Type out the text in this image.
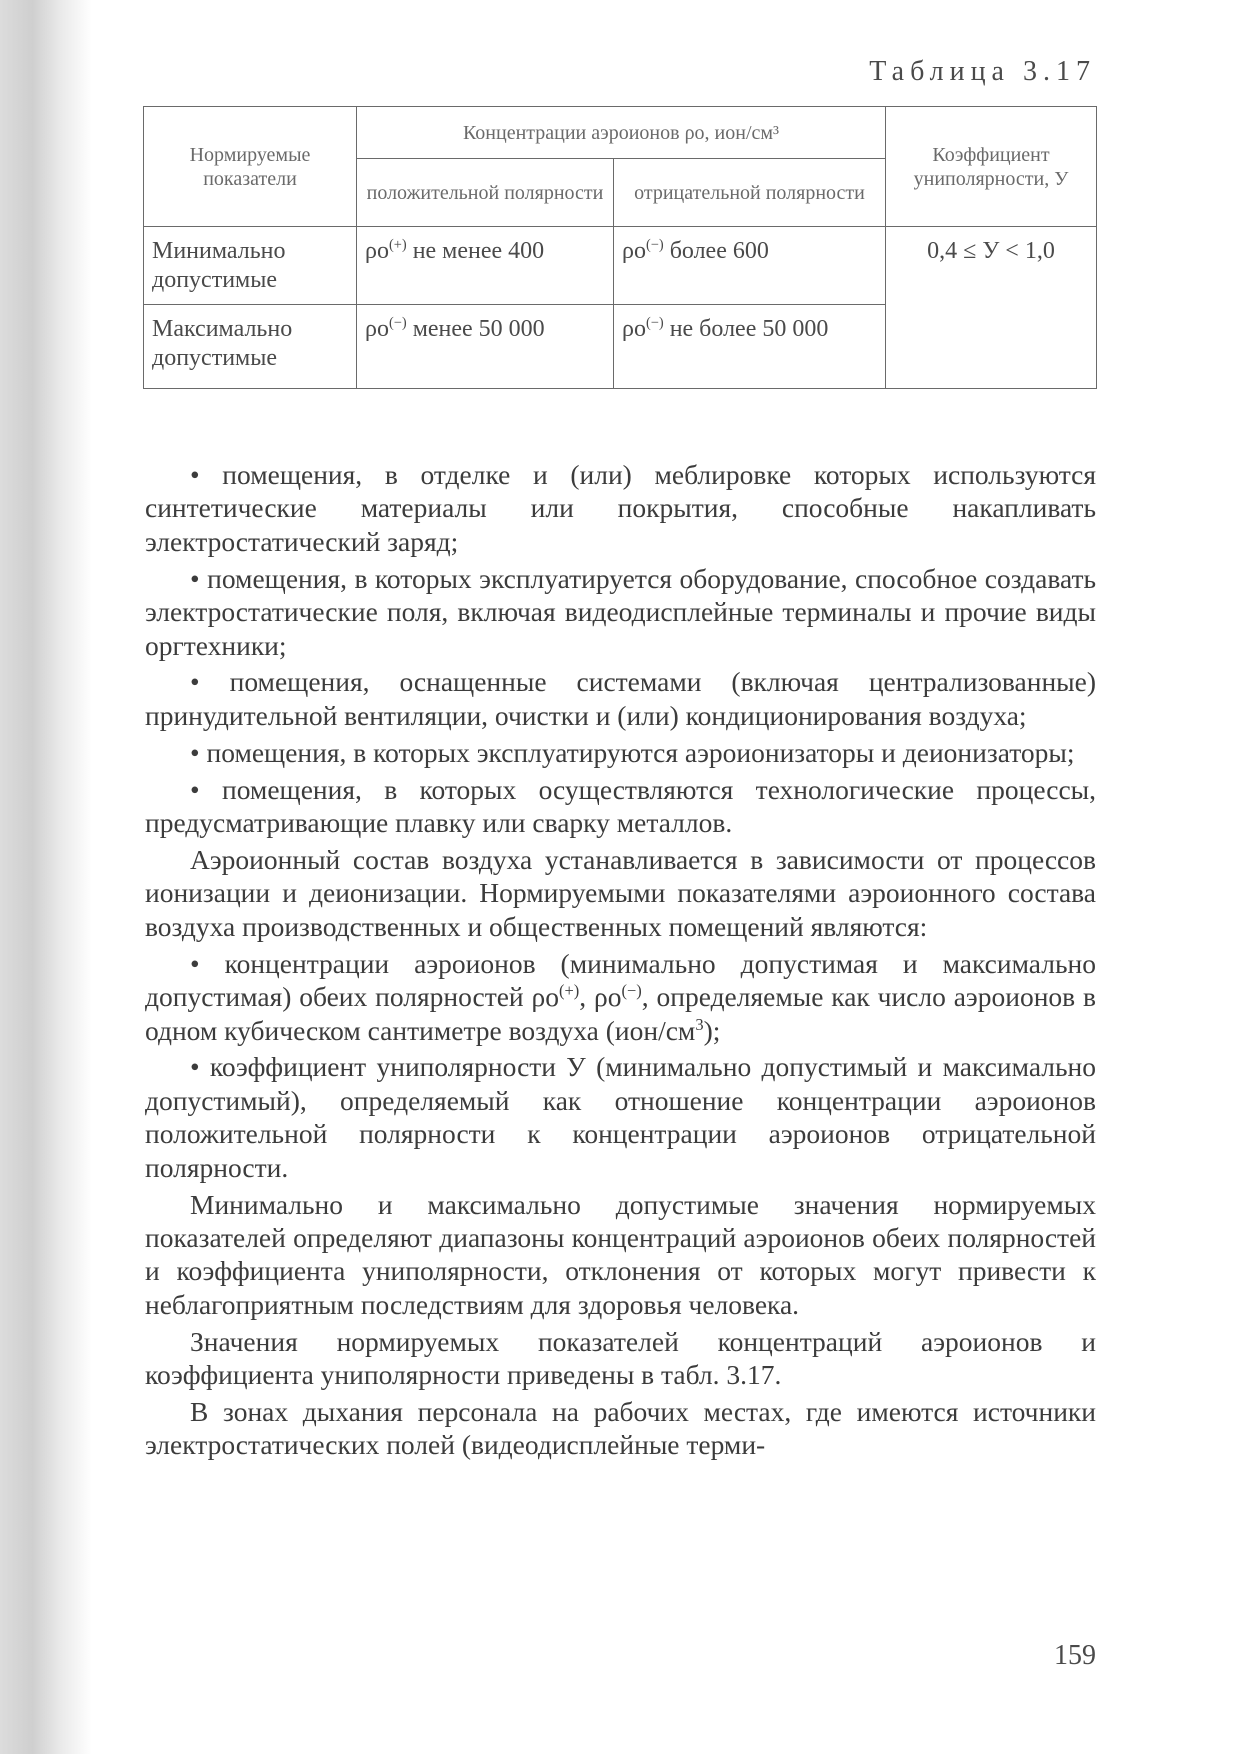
Таблица 3.17
Нормируемые показатели	Концентрации аэроионов ρο, ион/см³		Коэффициент униполярности, У
	положительной полярности	отрицательной полярности	
Минимально допустимые	ρο(+) не менее 400	ρο(−) более 600	0,4 ≤ У < 1,0
Максимально допустимые	ρο(−) менее 50 000	ρο(−) не более 50 000	

• помещения, в отделке и (или) меблировке которых используются синтетические материалы или покрытия, способные накапливать электростатический заряд;

• помещения, в которых эксплуатируется оборудование, способное создавать электростатические поля, включая видеодисплейные терминалы и прочие виды оргтехники;

• помещения, оснащенные системами (включая централизованные) принудительной вентиляции, очистки и (или) кондиционирования воздуха;

• помещения, в которых эксплуатируются аэроионизаторы и деионизаторы;

• помещения, в которых осуществляются технологические процессы, предусматривающие плавку или сварку металлов.

Аэроионный состав воздуха устанавливается в зависимости от процессов ионизации и деионизации. Нормируемыми показателями аэроионного состава воздуха производственных и общественных помещений являются:

• концентрации аэроионов (минимально допустимая и максимально допустимая) обеих полярностей ρο(+), ρο(−), определяемые как число аэроионов в одном кубическом сантиметре воздуха $(ион/см^3)$;

• коэффициент униполярности У (минимально допустимый и максимально допустимый), определяемый как отношение концентрации аэроионов положительной полярности к концентрации аэроионов отрицательной полярности.

Минимально и максимально допустимые значения нормируемых показателей определяют диапазоны концентраций аэроионов обеих полярностей и коэффициента униполярности, отклонения от которых могут привести к неблагоприятным последствиям для здоровья человека.

Значения нормируемых показателей концентраций аэроионов и коэффициента униполярности приведены в табл. 3.17.

В зонах дыхания персонала на рабочих местах, где имеются источники электростатических полей (видеодисплейные терми-

159
